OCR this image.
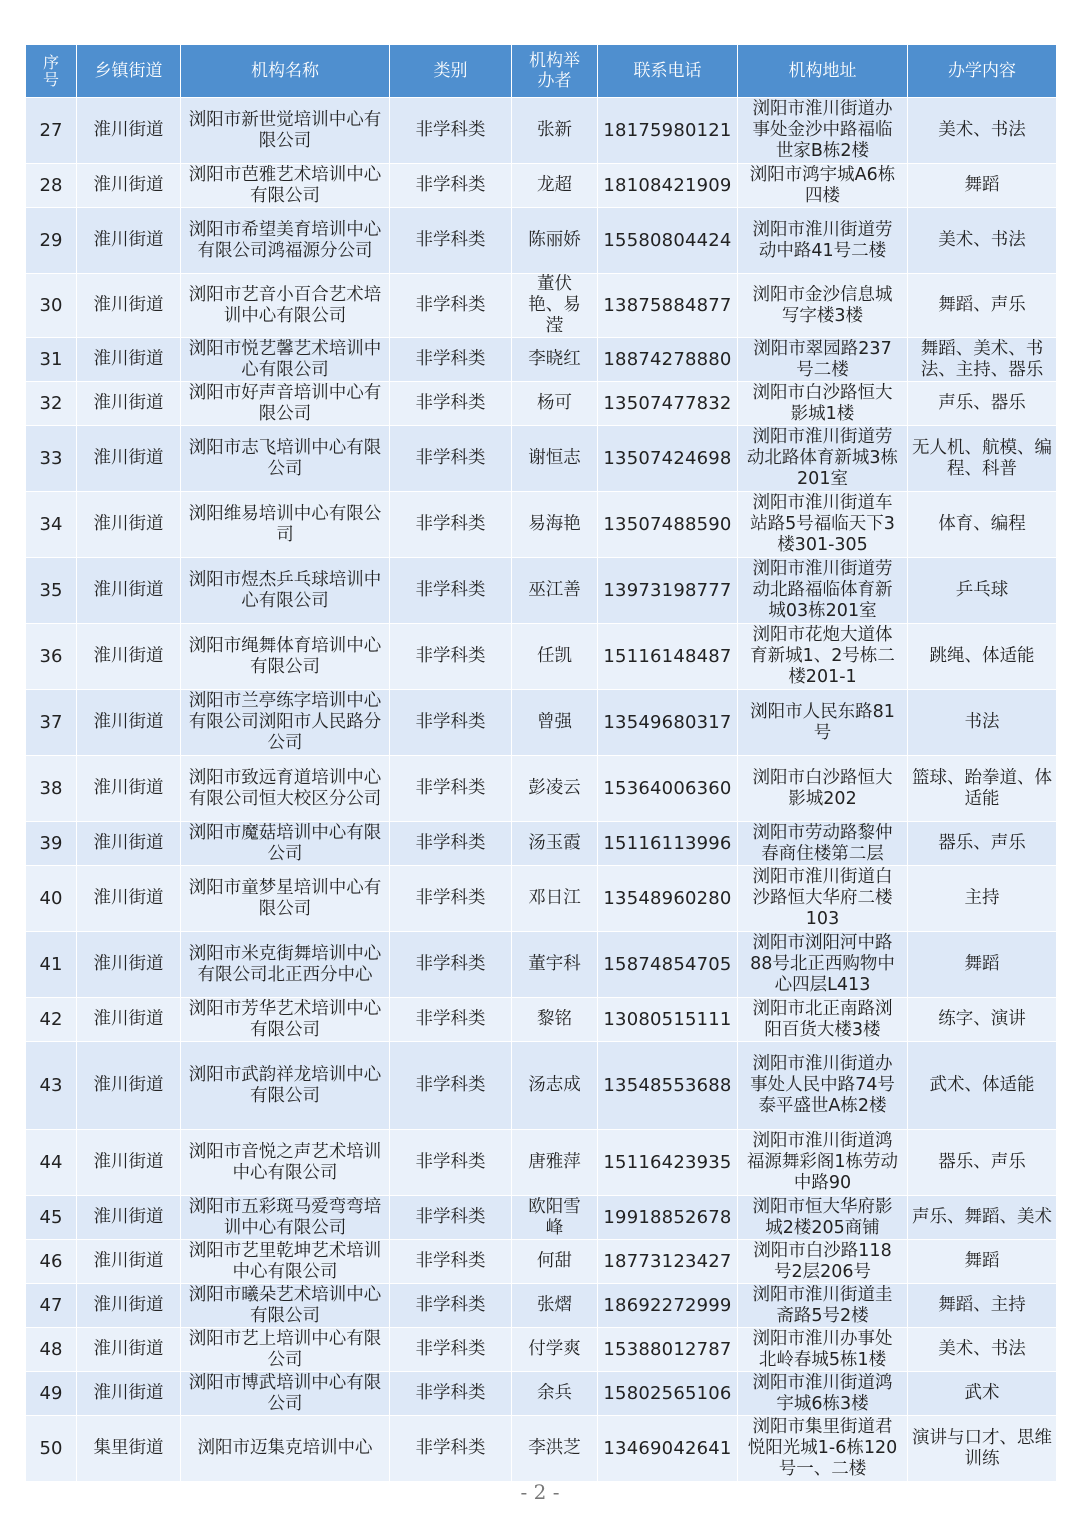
序号	乡镇街道	机构名称	类别	机构举办者	联系电话	机构地址	办学内容
27	淮川街道	浏阳市新世觉培训中心有限公司	非学科类	张新	18175980121	浏阳市淮川街道办事处金沙中路福临世家B栋2楼	美术、书法
28	淮川街道	浏阳市芭雅艺术培训中心有限公司	非学科类	龙超	18108421909	浏阳市鸿宇城A6栋四楼	舞蹈
29	淮川街道	浏阳市希望美育培训中心有限公司鸿福源分公司	非学科类	陈丽娇	15580804424	浏阳市淮川街道劳动中路41号二楼	美术、书法
30	淮川街道	浏阳市艺音小百合艺术培训中心有限公司	非学科类	董伏艳、易滢	13875884877	浏阳市金沙信息城写字楼3楼	舞蹈、声乐
31	淮川街道	浏阳市悦艺馨艺术培训中心有限公司	非学科类	李晓红	18874278880	浏阳市翠园路237号二楼	舞蹈、美术、书法、主持、器乐
32	淮川街道	浏阳市好声音培训中心有限公司	非学科类	杨可	13507477832	浏阳市白沙路恒大影城1楼	声乐、器乐
33	淮川街道	浏阳市志飞培训中心有限公司	非学科类	谢恒志	13507424698	浏阳市淮川街道劳动北路体育新城3栋201室	无人机、航模、编程、科普
34	淮川街道	浏阳维易培训中心有限公司	非学科类	易海艳	13507488590	浏阳市淮川街道车站路5号福临天下3楼301-305	体育、编程
35	淮川街道	浏阳市煜杰乒乓球培训中心有限公司	非学科类	巫江善	13973198777	浏阳市淮川街道劳动北路福临体育新城03栋201室	乒乓球
36	淮川街道	浏阳市绳舞体育培训中心有限公司	非学科类	任凯	15116148487	浏阳市花炮大道体育新城1、2号栋二楼201-1	跳绳、体适能
37	淮川街道	浏阳市兰亭练字培训中心有限公司浏阳市人民路分公司	非学科类	曾强	13549680317	浏阳市人民东路81号	书法
38	淮川街道	浏阳市致远育道培训中心有限公司恒大校区分公司	非学科类	彭凌云	15364006360	浏阳市白沙路恒大影城202	篮球、跆拳道、体适能
39	淮川街道	浏阳市魔菇培训中心有限公司	非学科类	汤玉霞	15116113996	浏阳市劳动路黎仲春商住楼第二层	器乐、声乐
40	淮川街道	浏阳市童梦星培训中心有限公司	非学科类	邓日江	13548960280	浏阳市淮川街道白沙路恒大华府二楼103	主持
41	淮川街道	浏阳市米克街舞培训中心有限公司北正西分中心	非学科类	董宇科	15874854705	浏阳市浏阳河中路88号北正西购物中心四层L413	舞蹈
42	淮川街道	浏阳市芳华艺术培训中心有限公司	非学科类	黎铭	13080515111	浏阳市北正南路浏阳百货大楼3楼	练字、演讲
43	淮川街道	浏阳市武韵祥龙培训中心有限公司	非学科类	汤志成	13548553688	浏阳市淮川街道办事处人民中路74号泰平盛世A栋2楼	武术、体适能
44	淮川街道	浏阳市音悦之声艺术培训中心有限公司	非学科类	唐雅萍	15116423935	浏阳市淮川街道鸿福源舞彩阁1栋劳动中路90	器乐、声乐
45	淮川街道	浏阳市五彩斑马爱弯弯培训中心有限公司	非学科类	欧阳雪峰	19918852678	浏阳市恒大华府影城2楼205商铺	声乐、舞蹈、美术
46	淮川街道	浏阳市艺里乾坤艺术培训中心有限公司	非学科类	何甜	18773123427	浏阳市白沙路118号2层206号	舞蹈
47	淮川街道	浏阳市曦朵艺术培训中心有限公司	非学科类	张熠	18692272999	浏阳市淮川街道圭斋路5号2楼	舞蹈、主持
48	淮川街道	浏阳市艺上培训中心有限公司	非学科类	付学爽	15388012787	浏阳市淮川办事处北岭春城5栋1楼	美术、书法
49	淮川街道	浏阳市博武培训中心有限公司	非学科类	余兵	15802565106	浏阳市淮川街道鸿宇城6栋3楼	武术
50	集里街道	浏阳市迈集克培训中心	非学科类	李洪芝	13469042641	浏阳市集里街道君悦阳光城1-6栋120号一、二楼	演讲与口才、思维训练
- 2 -
